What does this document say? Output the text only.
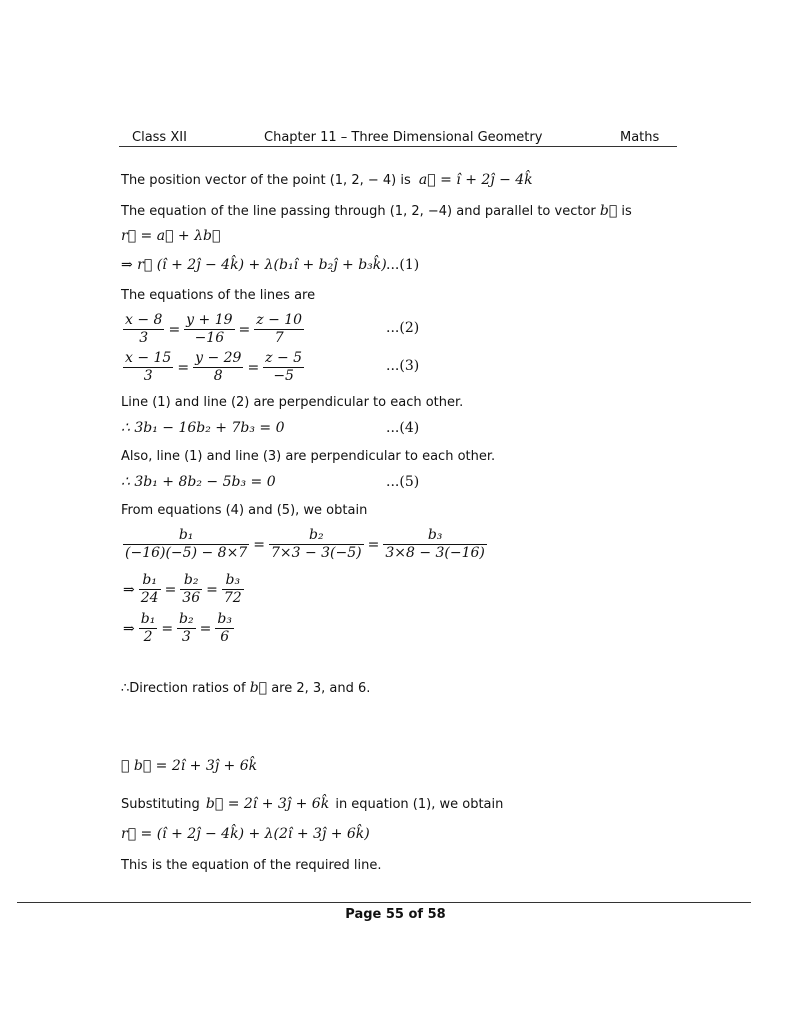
Class XII	Chapter 11 – Three Dimensional Geometry	Maths
The position vector of the point (1, 2, − 4) is a⃗ = î + 2ĵ − 4k̂
The equation of the line passing through (1, 2, −4) and parallel to vector b⃗ is
r⃗ = a⃗ + λb⃗
⇒ r⃗ (î + 2ĵ − 4k̂) + λ(b₁î + b₂ĵ + b₃k̂) ...(1)
The equations of the lines are
$\frac{x - 8}{3} = \frac{y + 19}{-16} = \frac{z - 10}{7}$	...(2)
$\frac{x - 15}{3} = \frac{y - 29}{8} = \frac{z - 5}{-5}$	...(3)
Line (1) and line (2) are perpendicular to each other.
∴ 3b₁ − 16b₂ + 7b₃ = 0	...(4)
Also, line (1) and line (3) are perpendicular to each other.
∴ 3b₁ + 8b₂ − 5b₃ = 0	...(5)
From equations (4) and (5), we obtain
$\frac{\text{b₁}}{(-16)(-5) - 8\times 7} = \frac{\text{b₂}}{7\times 3 - 3(-5)} = \frac{\text{b₃}}{3\times 8 - 3(-16)}$
⇒ $\frac{\text{b₁}}{24} = \frac{\text{b₂}}{36} = \frac{\text{b₃}}{72}$
⇒ $\frac{\text{b₁}}{2} = \frac{\text{b₂}}{3} = \frac{\text{b₃}}{6}$
∴Direction ratios of b⃗ are 2, 3, and 6.
∴ b⃗ = 2î + 3ĵ + 6k̂
Substituting b⃗ = 2î + 3ĵ + 6k̂ in equation (1), we obtain
r⃗ = (î + 2ĵ − 4k̂) + λ(2î + 3ĵ + 6k̂)
This is the equation of the required line.
Page 55 of 58
